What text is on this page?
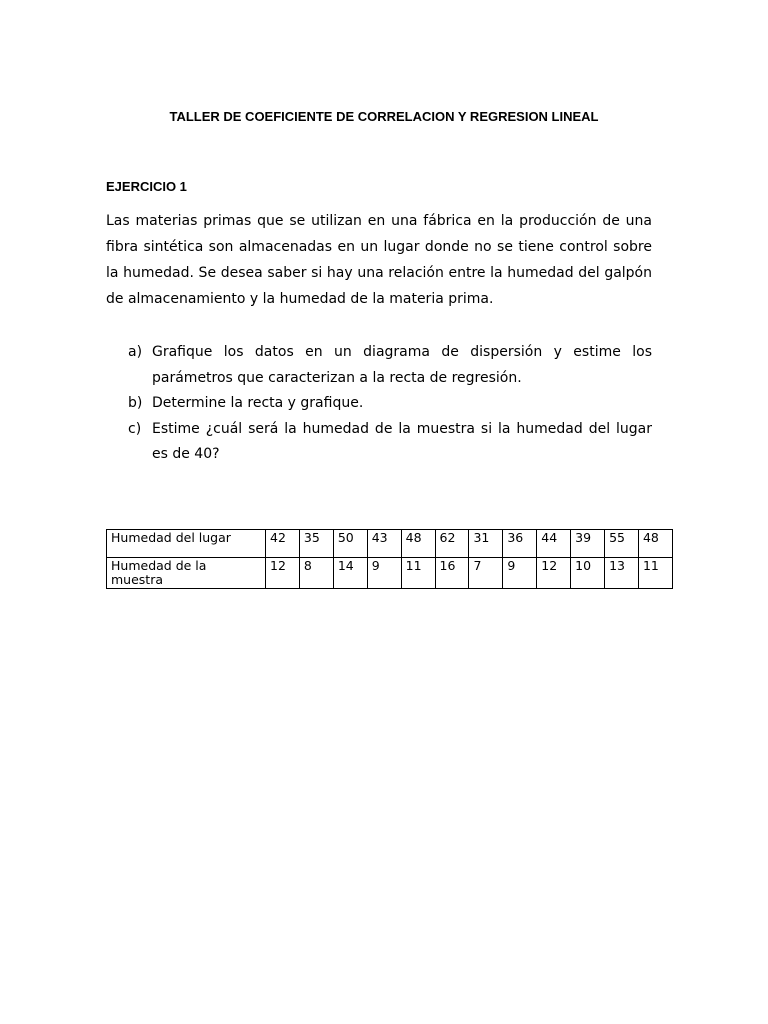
TALLER DE COEFICIENTE DE CORRELACION Y REGRESION LINEAL
EJERCICIO 1

Las materias primas que se utilizan en una fábrica en la producción de una fibra sintética son almacenadas en un lugar donde no se tiene control sobre la humedad. Se desea saber si hay una relación entre la humedad del galpón de almacenamiento y la humedad de la materia prima.

a) Grafique los datos en un diagrama de dispersión y estime los parámetros que caracterizan a la recta de regresión.
b) Determine la recta y grafique.
c) Estime ¿cuál será la humedad de la muestra si la humedad del lugar es de 40?
Humedad del lugar	42	35	50	43	48	62	31	36	44	39	55	48
Humedad de la muestra	12	8	14	9	11	16	7	9	12	10	13	11
